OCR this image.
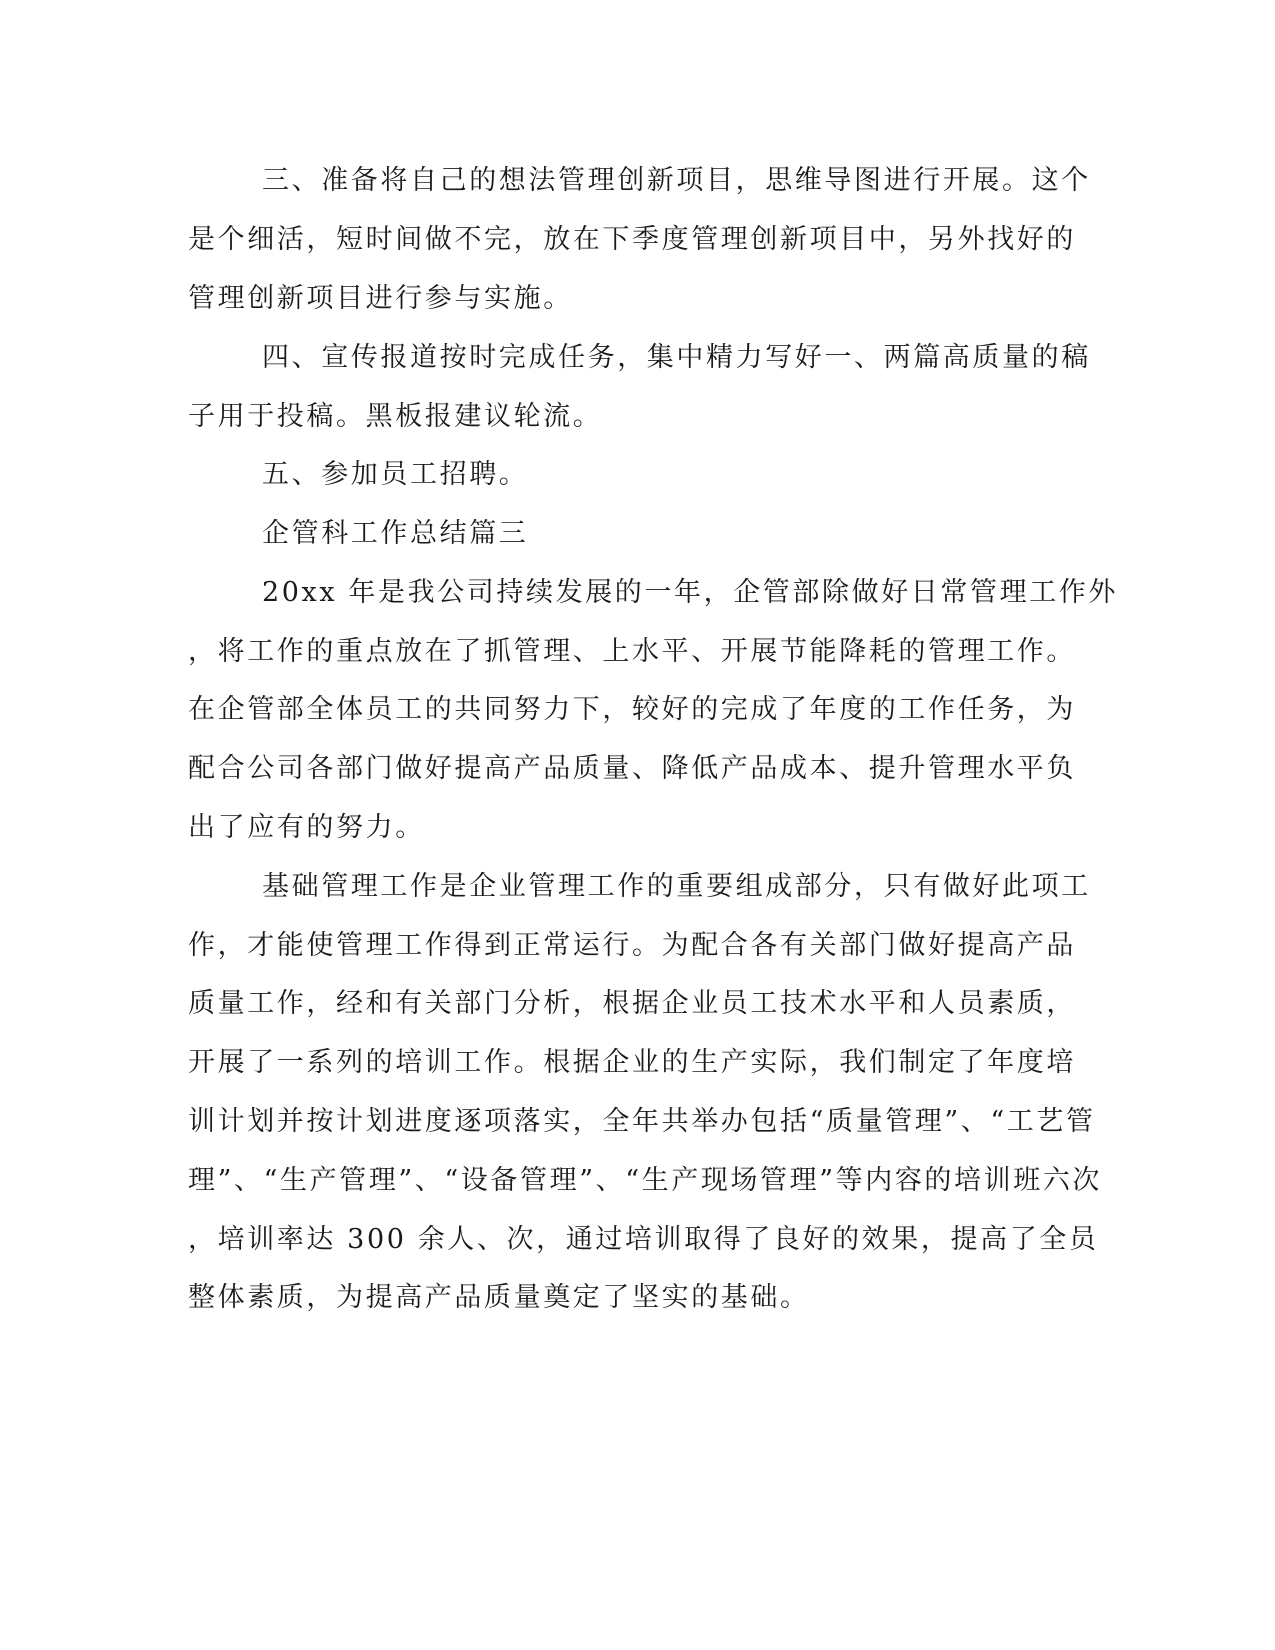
三、准备将自己的想法管理创新项目，思维导图进行开展。这个
是个细活，短时间做不完，放在下季度管理创新项目中，另外找好的
管理创新项目进行参与实施。
四、宣传报道按时完成任务，集中精力写好一、两篇高质量的稿
子用于投稿。黑板报建议轮流。
五、参加员工招聘。
企管科工作总结篇三
20xx 年是我公司持续发展的一年，企管部除做好日常管理工作外
，将工作的重点放在了抓管理、上水平、开展节能降耗的管理工作。
在企管部全体员工的共同努力下，较好的完成了年度的工作任务，为
配合公司各部门做好提高产品质量、降低产品成本、提升管理水平负
出了应有的努力。
基础管理工作是企业管理工作的重要组成部分，只有做好此项工
作，才能使管理工作得到正常运行。为配合各有关部门做好提高产品
质量工作，经和有关部门分析，根据企业员工技术水平和人员素质，
开展了一系列的培训工作。根据企业的生产实际，我们制定了年度培
训计划并按计划进度逐项落实，全年共举办包括“质量管理”、“工艺管
理”、“生产管理”、“设备管理”、“生产现场管理”等内容的培训班六次
，培训率达 300 余人、次，通过培训取得了良好的效果，提高了全员
整体素质，为提高产品质量奠定了坚实的基础。
